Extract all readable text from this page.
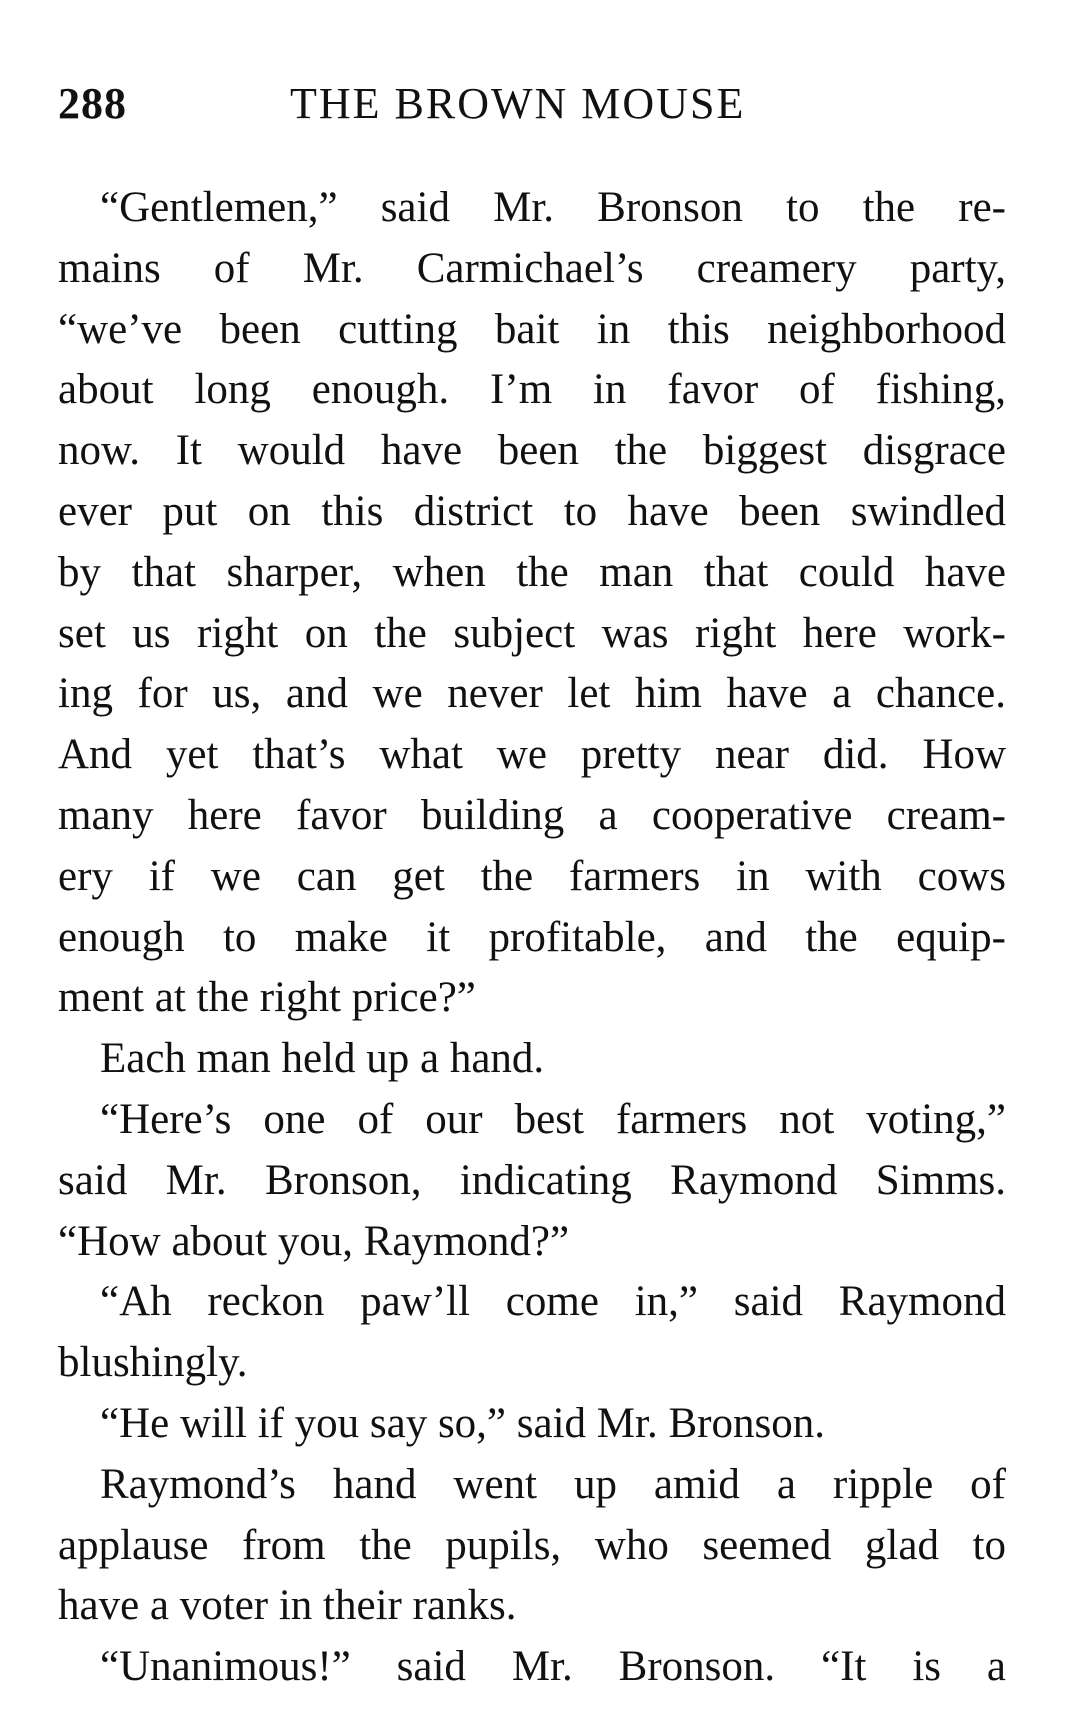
288	THE BROWN MOUSE
“Gentlemen,” said Mr. Bronson to the re-
mains of Mr. Carmichael’s creamery party,
“we’ve been cutting bait in this neighborhood
about long enough. I’m in favor of fishing,
now. It would have been the biggest disgrace
ever put on this district to have been swindled
by that sharper, when the man that could have
set us right on the subject was right here work-
ing for us, and we never let him have a chance.
And yet that’s what we pretty near did. How
many here favor building a cooperative cream-
ery if we can get the farmers in with cows
enough to make it profitable, and the equip-
ment at the right price?”
Each man held up a hand.
“Here’s one of our best farmers not voting,”
said Mr. Bronson, indicating Raymond Simms.
“How about you, Raymond?”
“Ah reckon paw’ll come in,” said Raymond
blushingly.
“He will if you say so,” said Mr. Bronson.
Raymond’s hand went up amid a ripple of
applause from the pupils, who seemed glad to
have a voter in their ranks.
“Unanimous!” said Mr. Bronson. “It is a
